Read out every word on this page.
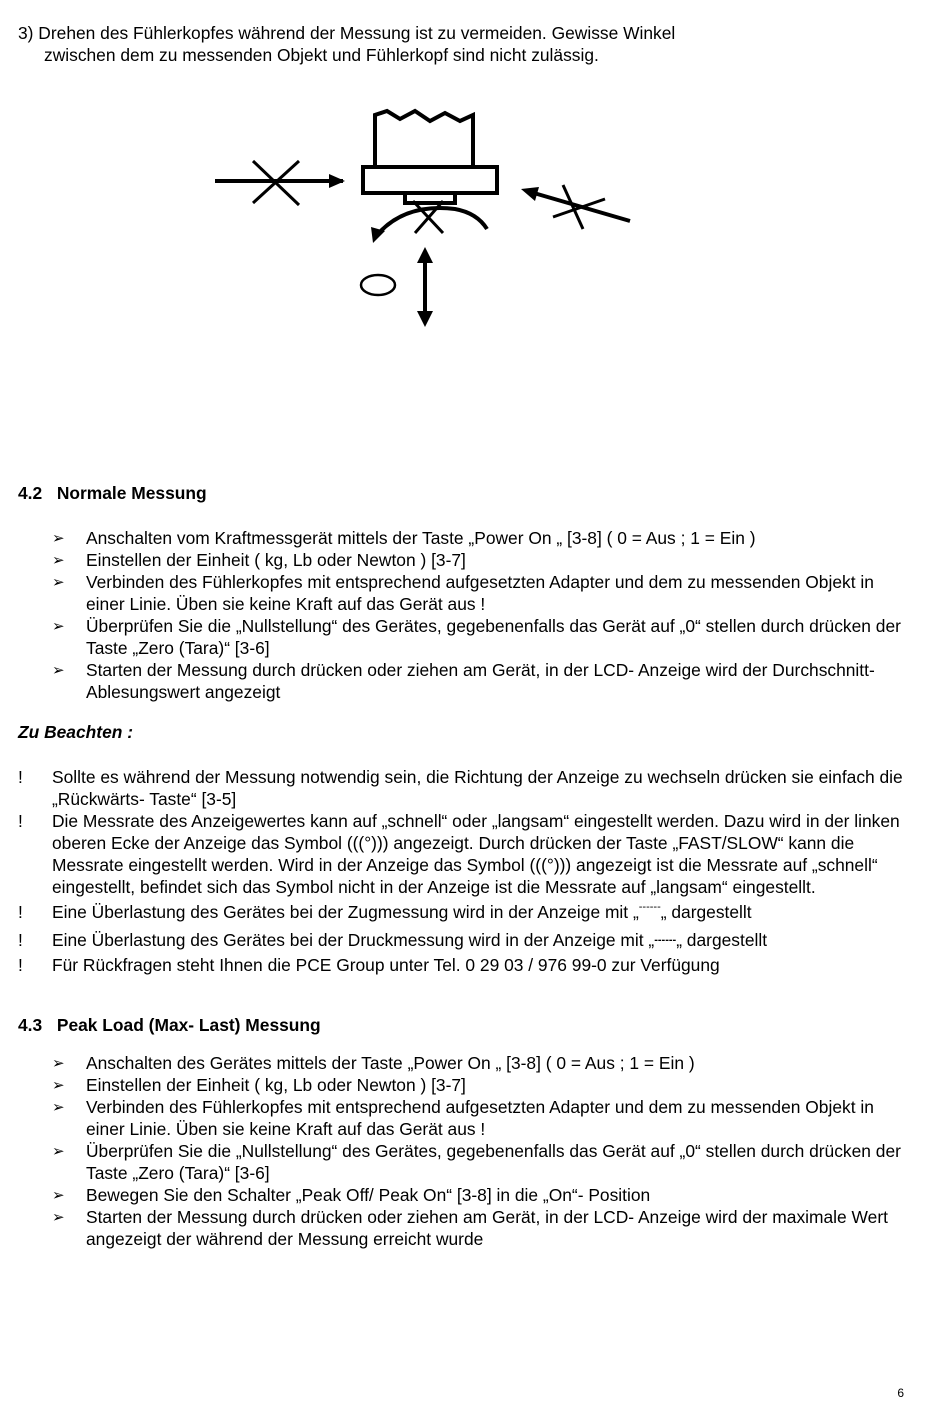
3) Drehen des Fühlerkopfes während der Messung ist zu vermeiden. Gewisse Winkel
zwischen dem zu messenden Objekt und Fühlerkopf sind nicht zulässig.
4.2 Normale Messung
➢ Anschalten vom Kraftmessgerät mittels der Taste „Power On „ [3-8] ( 0 = Aus ; 1 = Ein )
➢ Einstellen der Einheit ( kg, Lb oder Newton ) [3-7]
➢ Verbinden des Fühlerkopfes mit entsprechend aufgesetzten Adapter und dem zu messenden Objekt in einer Linie. Üben sie keine Kraft auf das Gerät aus !
➢ Überprüfen Sie die „Nullstellung“ des Gerätes, gegebenenfalls das Gerät auf „0“ stellen durch drücken der Taste „Zero (Tara)“ [3-6]
➢ Starten der Messung durch drücken oder ziehen am Gerät, in der LCD- Anzeige wird der Durchschnitt- Ablesungswert angezeigt
Zu Beachten :
! Sollte es während der Messung notwendig sein, die Richtung der Anzeige zu wechseln drücken sie einfach die „Rückwärts- Taste“ [3-5]
! Die Messrate des Anzeigewertes kann auf „schnell“ oder „langsam“ eingestellt werden. Dazu wird in der linken oberen Ecke der Anzeige das Symbol (((°))) angezeigt. Durch drücken der Taste „FAST/SLOW“ kann die Messrate eingestellt werden. Wird in der Anzeige das Symbol (((°))) angezeigt ist die Messrate auf „schnell“ eingestellt, befindet sich das Symbol nicht in der Anzeige ist die Messrate auf „langsam“ eingestellt.
! Eine Überlastung des Gerätes bei der Zugmessung wird in der Anzeige mit „------„ dargestellt
! Eine Überlastung des Gerätes bei der Druckmessung wird in der Anzeige mit „------„ dargestellt
! Für Rückfragen steht Ihnen die PCE Group unter Tel. 0 29 03 / 976 99-0 zur Verfügung
4.3 Peak Load (Max- Last) Messung
➢ Anschalten des Gerätes mittels der Taste „Power On „ [3-8] ( 0 = Aus ; 1 = Ein )
➢ Einstellen der Einheit ( kg, Lb oder Newton ) [3-7]
➢ Verbinden des Fühlerkopfes mit entsprechend aufgesetzten Adapter und dem zu messenden Objekt in einer Linie. Üben sie keine Kraft auf das Gerät aus !
➢ Überprüfen Sie die „Nullstellung“ des Gerätes, gegebenenfalls das Gerät auf „0“ stellen durch drücken der Taste „Zero (Tara)“ [3-6]
➢ Bewegen Sie den Schalter „Peak Off/ Peak On“ [3-8] in die „On“- Position
➢ Starten der Messung durch drücken oder ziehen am Gerät, in der LCD- Anzeige wird der maximale Wert angezeigt der während der Messung erreicht wurde
6
